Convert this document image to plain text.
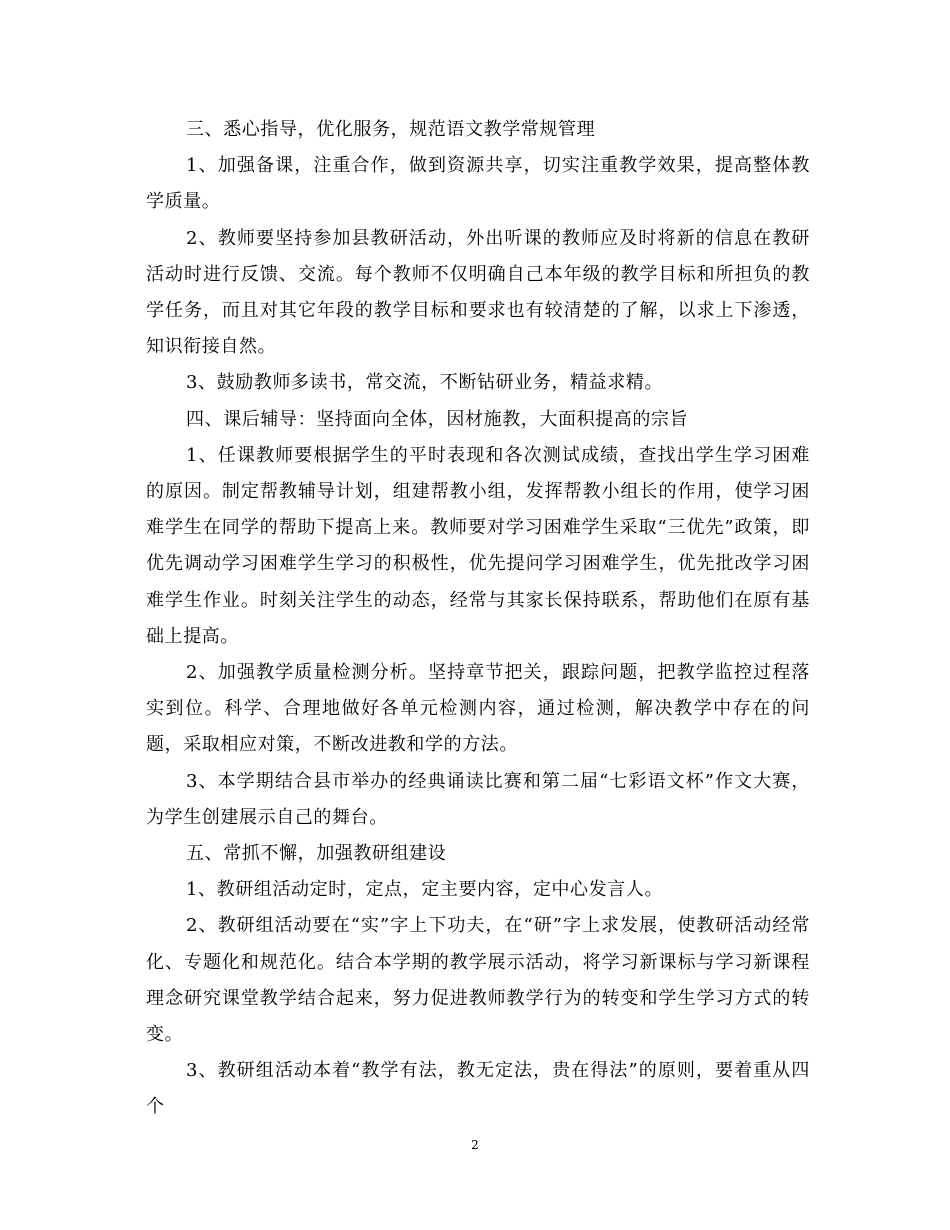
三、悉心指导，优化服务，规范语文教学常规管理

1、加强备课，注重合作，做到资源共享，切实注重教学效果，提高整体教学质量。

2、教师要坚持参加县教研活动，外出听课的教师应及时将新的信息在教研活动时进行反馈、交流。每个教师不仅明确自己本年级的教学目标和所担负的教学任务，而且对其它年段的教学目标和要求也有较清楚的了解，以求上下渗透，知识衔接自然。

3、鼓励教师多读书，常交流，不断钻研业务，精益求精。

四、课后辅导：坚持面向全体，因材施教，大面积提高的宗旨

1、任课教师要根据学生的平时表现和各次测试成绩，查找出学生学习困难的原因。制定帮教辅导计划，组建帮教小组，发挥帮教小组长的作用，使学习困难学生在同学的帮助下提高上来。教师要对学习困难学生采取“三优先”政策，即优先调动学习困难学生学习的积极性，优先提问学习困难学生，优先批改学习困难学生作业。时刻关注学生的动态，经常与其家长保持联系，帮助他们在原有基础上提高。

2、加强教学质量检测分析。坚持章节把关，跟踪问题，把教学监控过程落实到位。科学、合理地做好各单元检测内容，通过检测，解决教学中存在的问题，采取相应对策，不断改进教和学的方法。

3、本学期结合县市举办的经典诵读比赛和第二届“七彩语文杯”作文大赛，为学生创建展示自己的舞台。

五、常抓不懈，加强教研组建设

1、教研组活动定时，定点，定主要内容，定中心发言人。

2、教研组活动要在“实”字上下功夫，在“研”字上求发展，使教研活动经常化、专题化和规范化。结合本学期的教学展示活动，将学习新课标与学习新课程理念研究课堂教学结合起来，努力促进教师教学行为的转变和学生学习方式的转变。

3、教研组活动本着“教学有法，教无定法，贵在得法”的原则，要着重从四个

2
